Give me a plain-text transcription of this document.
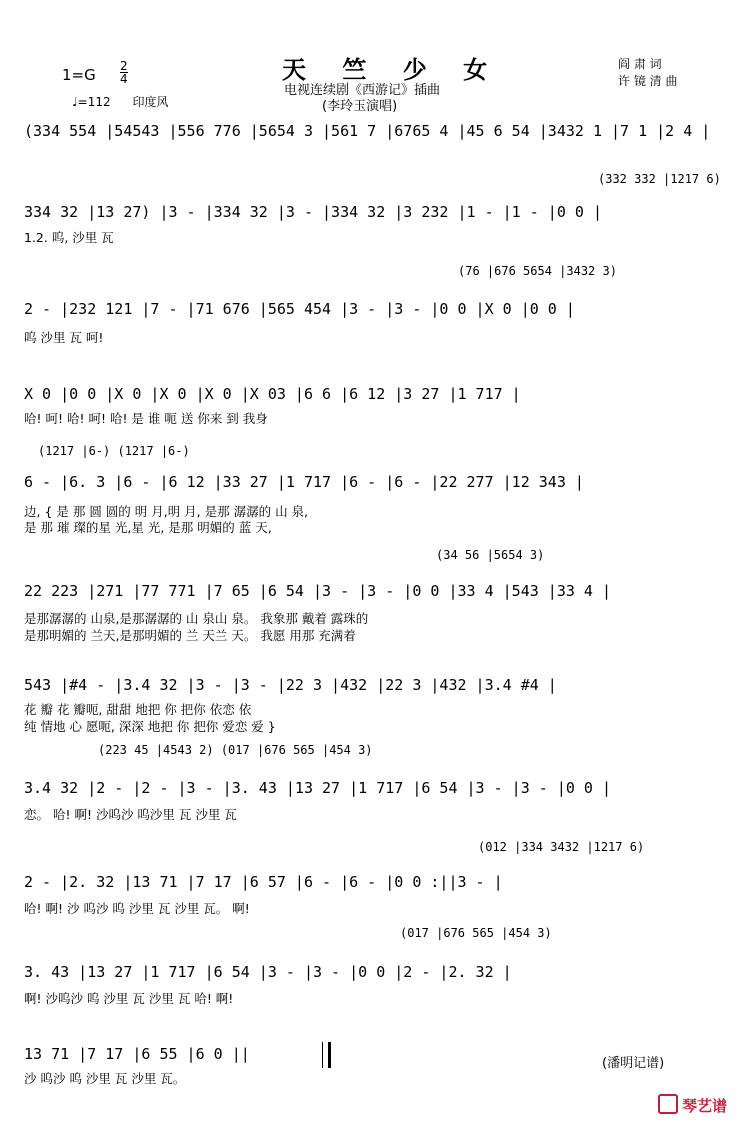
天 竺 少 女
电视连续剧《西游记》插曲
(李玲玉演唱)
1=G 2
4
♩=112 印度风
阎 肃 词
许 镜 清 曲
(334 554 |54543 |556 776 |5654 3 |561 7 |6765 4 |45 6 54 |3432 1 |7 1 |2 4 |
(332 332 |1217 6)
334 32 |13 27) |3 - |334 32 |3 - |334 32 |3 232 |1 - |1 - |0 0 |
1.2. 呜, 沙里 瓦
(76 |676 5654 |3432 3)
2 - |232 121 |7 - |71 676 |565 454 |3 - |3 - |0 0 |X 0 |0 0 |
呜 沙里 瓦 呵!
X 0 |0 0 |X 0 |X 0 |X 0 |X 03 |6 6 |6 12 |3 27 |1 717 |
哈! 呵! 哈! 呵! 哈! 是 谁 呃 送 你来 到 我身
(1217 |6-) (1217 |6-)
6 - |6. 3 |6 - |6 12 |33 27 |1 717 |6 - |6 - |22 277 |12 343 |
边, { 是 那 圆 圆的 明 月,明 月, 是那 潺潺的 山 泉,
是 那 璀 璨的星 光,星 光, 是那 明媚的 蓝 天,
(34 56 |5654 3)
22 223 |271 |77 771 |7 65 |6 54 |3 - |3 - |0 0 |33 4 |543 |33 4 |
是那潺潺的 山泉,是那潺潺的 山 泉山 泉。 我象那 戴着 露珠的
是那明媚的 兰天,是那明媚的 兰 天兰 天。 我愿 用那 充满着
543 |#4 - |3.4 32 |3 - |3 - |22 3 |432 |22 3 |432 |3.4 #4 |
花 瓣 花 瓣呃, 甜甜 地把 你 把你 依恋 依
纯 情地 心 愿呃, 深深 地把 你 把你 爱恋 爱 }
(223 45 |4543 2) (017 |676 565 |454 3)
3.4 32 |2 - |2 - |3 - |3. 43 |13 27 |1 717 |6 54 |3 - |3 - |0 0 |
恋。 哈! 啊! 沙呜沙 呜沙里 瓦 沙里 瓦
(012 |334 3432 |1217 6)
2 - |2. 32 |13 71 |7 17 |6 57 |6 - |6 - |0 0 :||3 - |
哈! 啊! 沙 呜沙 呜 沙里 瓦 沙里 瓦。 啊!
(017 |676 565 |454 3)
3. 43 |13 27 |1 717 |6 54 |3 - |3 - |0 0 |2 - |2. 32 |
啊! 沙呜沙 呜 沙里 瓦 沙里 瓦 哈! 啊!
13 71 |7 17 |6 55 |6 0 ||
沙 呜沙 呜 沙里 瓦 沙里 瓦。
(潘明记谱)
琴艺谱
